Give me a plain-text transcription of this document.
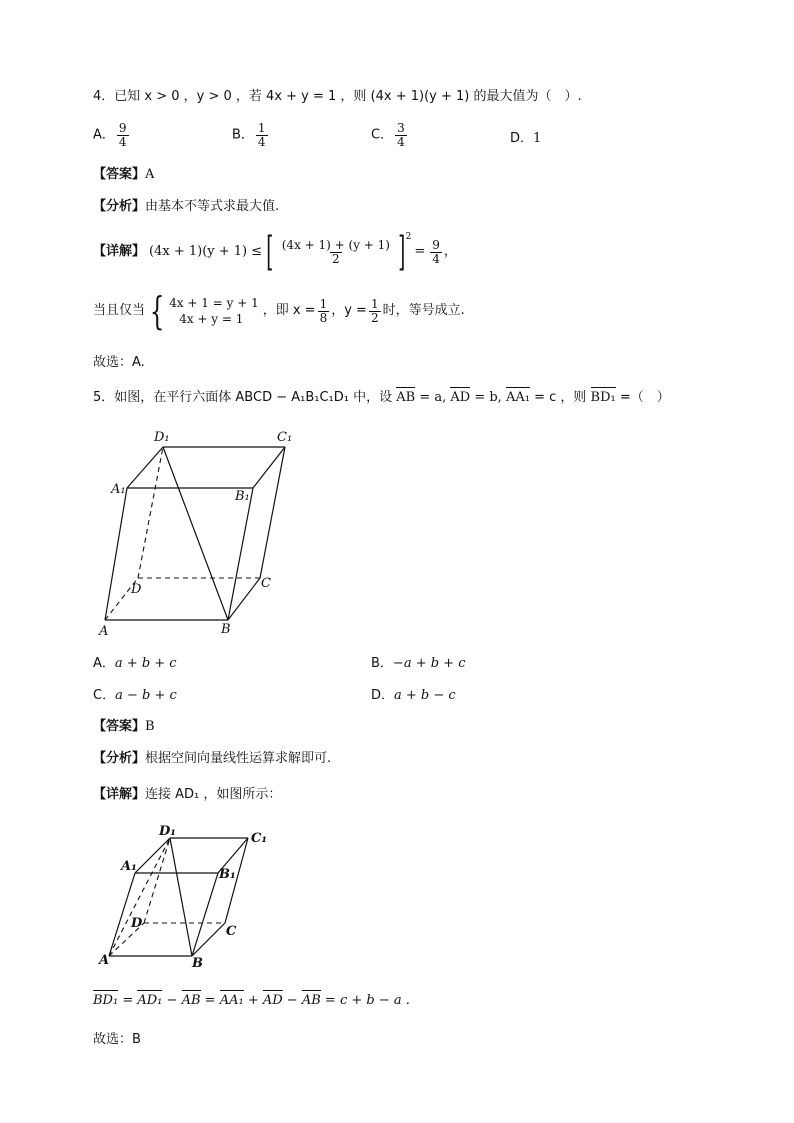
4．已知 x > 0 ，y > 0 ，若 4x + y = 1 ，则 (4x + 1)(y + 1) 的最大值为（　）.
A． $\frac{9}{4}$	B． $\frac{1}{4}$	C． $\frac{3}{4}$	D．1
【答案】A
【分析】由基本不等式求最大值.
【详解】 (4x + 1)(y + 1) ≤ [ $\frac{(4x + 1) + (y + 1)}{2} ]^2$
= $\frac{9}{4}$ ，
当且仅当 { 4x + 1 = y + 1
4x + y = 1
，即 $x = \frac{1}{8}$ ，$y = \frac{1}{2}$ 时，等号成立.
故选：A.
5．如图，在平行六面体 ABCD − A₁B₁C₁D₁ 中，设 AB = a, AD = b, AA₁ = c ，则 BD₁ =（　）
D₁	C₁
A₁	B₁
D	C
A	B
A．a + b + c	B．−a + b + c
C．a − b + c	D．a + b − c
【答案】B
【分析】根据空间向量线性运算求解即可.
【详解】连接 AD₁ ，如图所示：
D₁	C₁
A₁
B₁
D
C
A	B
BD₁ = AD₁ − AB = AA₁ + AD − AB = c + b − a .
故选：B
